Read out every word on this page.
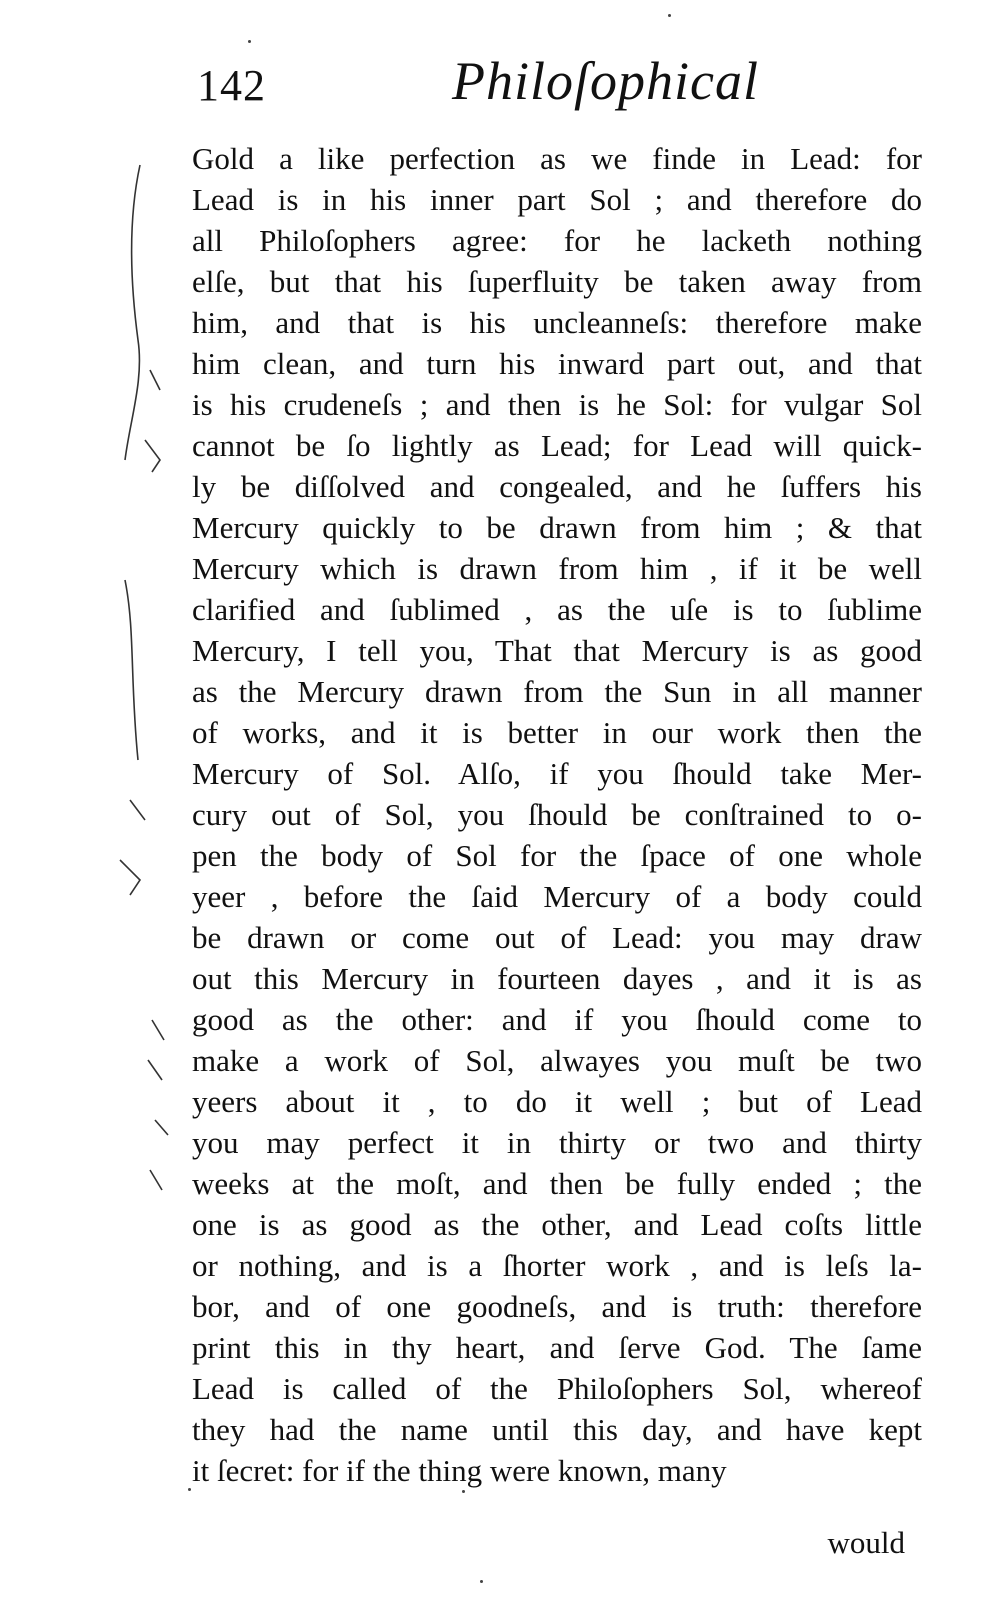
142	Philoſophical
Gold a like perfection as we finde in Lead: for
Lead is in his inner part Sol ; and therefore do
all Philoſophers agree: for he lacketh nothing
elſe, but that his ſuperfluity be taken away from
him, and that is his uncleanneſs: therefore make
him clean, and turn his inward part out, and that
is his crudeneſs ; and then is he Sol: for vulgar Sol
cannot be ſo lightly as Lead; for Lead will quick-
ly be diſſolved and congealed, and he ſuffers his
Mercury quickly to be drawn from him ; & that
Mercury which is drawn from him , if it be well
clarified and ſublimed , as the uſe is to ſublime
Mercury, I tell you, That that Mercury is as good
as the Mercury drawn from the Sun in all manner
of works, and it is better in our work then the
Mercury of Sol. Alſo, if you ſhould take Mer-
cury out of Sol, you ſhould be conſtrained to o-
pen the body of Sol for the ſpace of one whole
yeer , before the ſaid Mercury of a body could
be drawn or come out of Lead: you may draw
out this Mercury in fourteen dayes , and it is as
good as the other: and if you ſhould come to
make a work of Sol, alwayes you muſt be two
yeers about it , to do it well ; but of Lead
you may perfect it in thirty or two and thirty
weeks at the moſt, and then be fully ended ; the
one is as good as the other, and Lead coſts little
or nothing, and is a ſhorter work , and is leſs la-
bor, and of one goodneſs, and is truth: therefore
print this in thy heart, and ſerve God. The ſame
Lead is called of the Philoſophers Sol, whereof
they had the name until this day, and have kept
it ſecret: for if the thing were known, many
would
